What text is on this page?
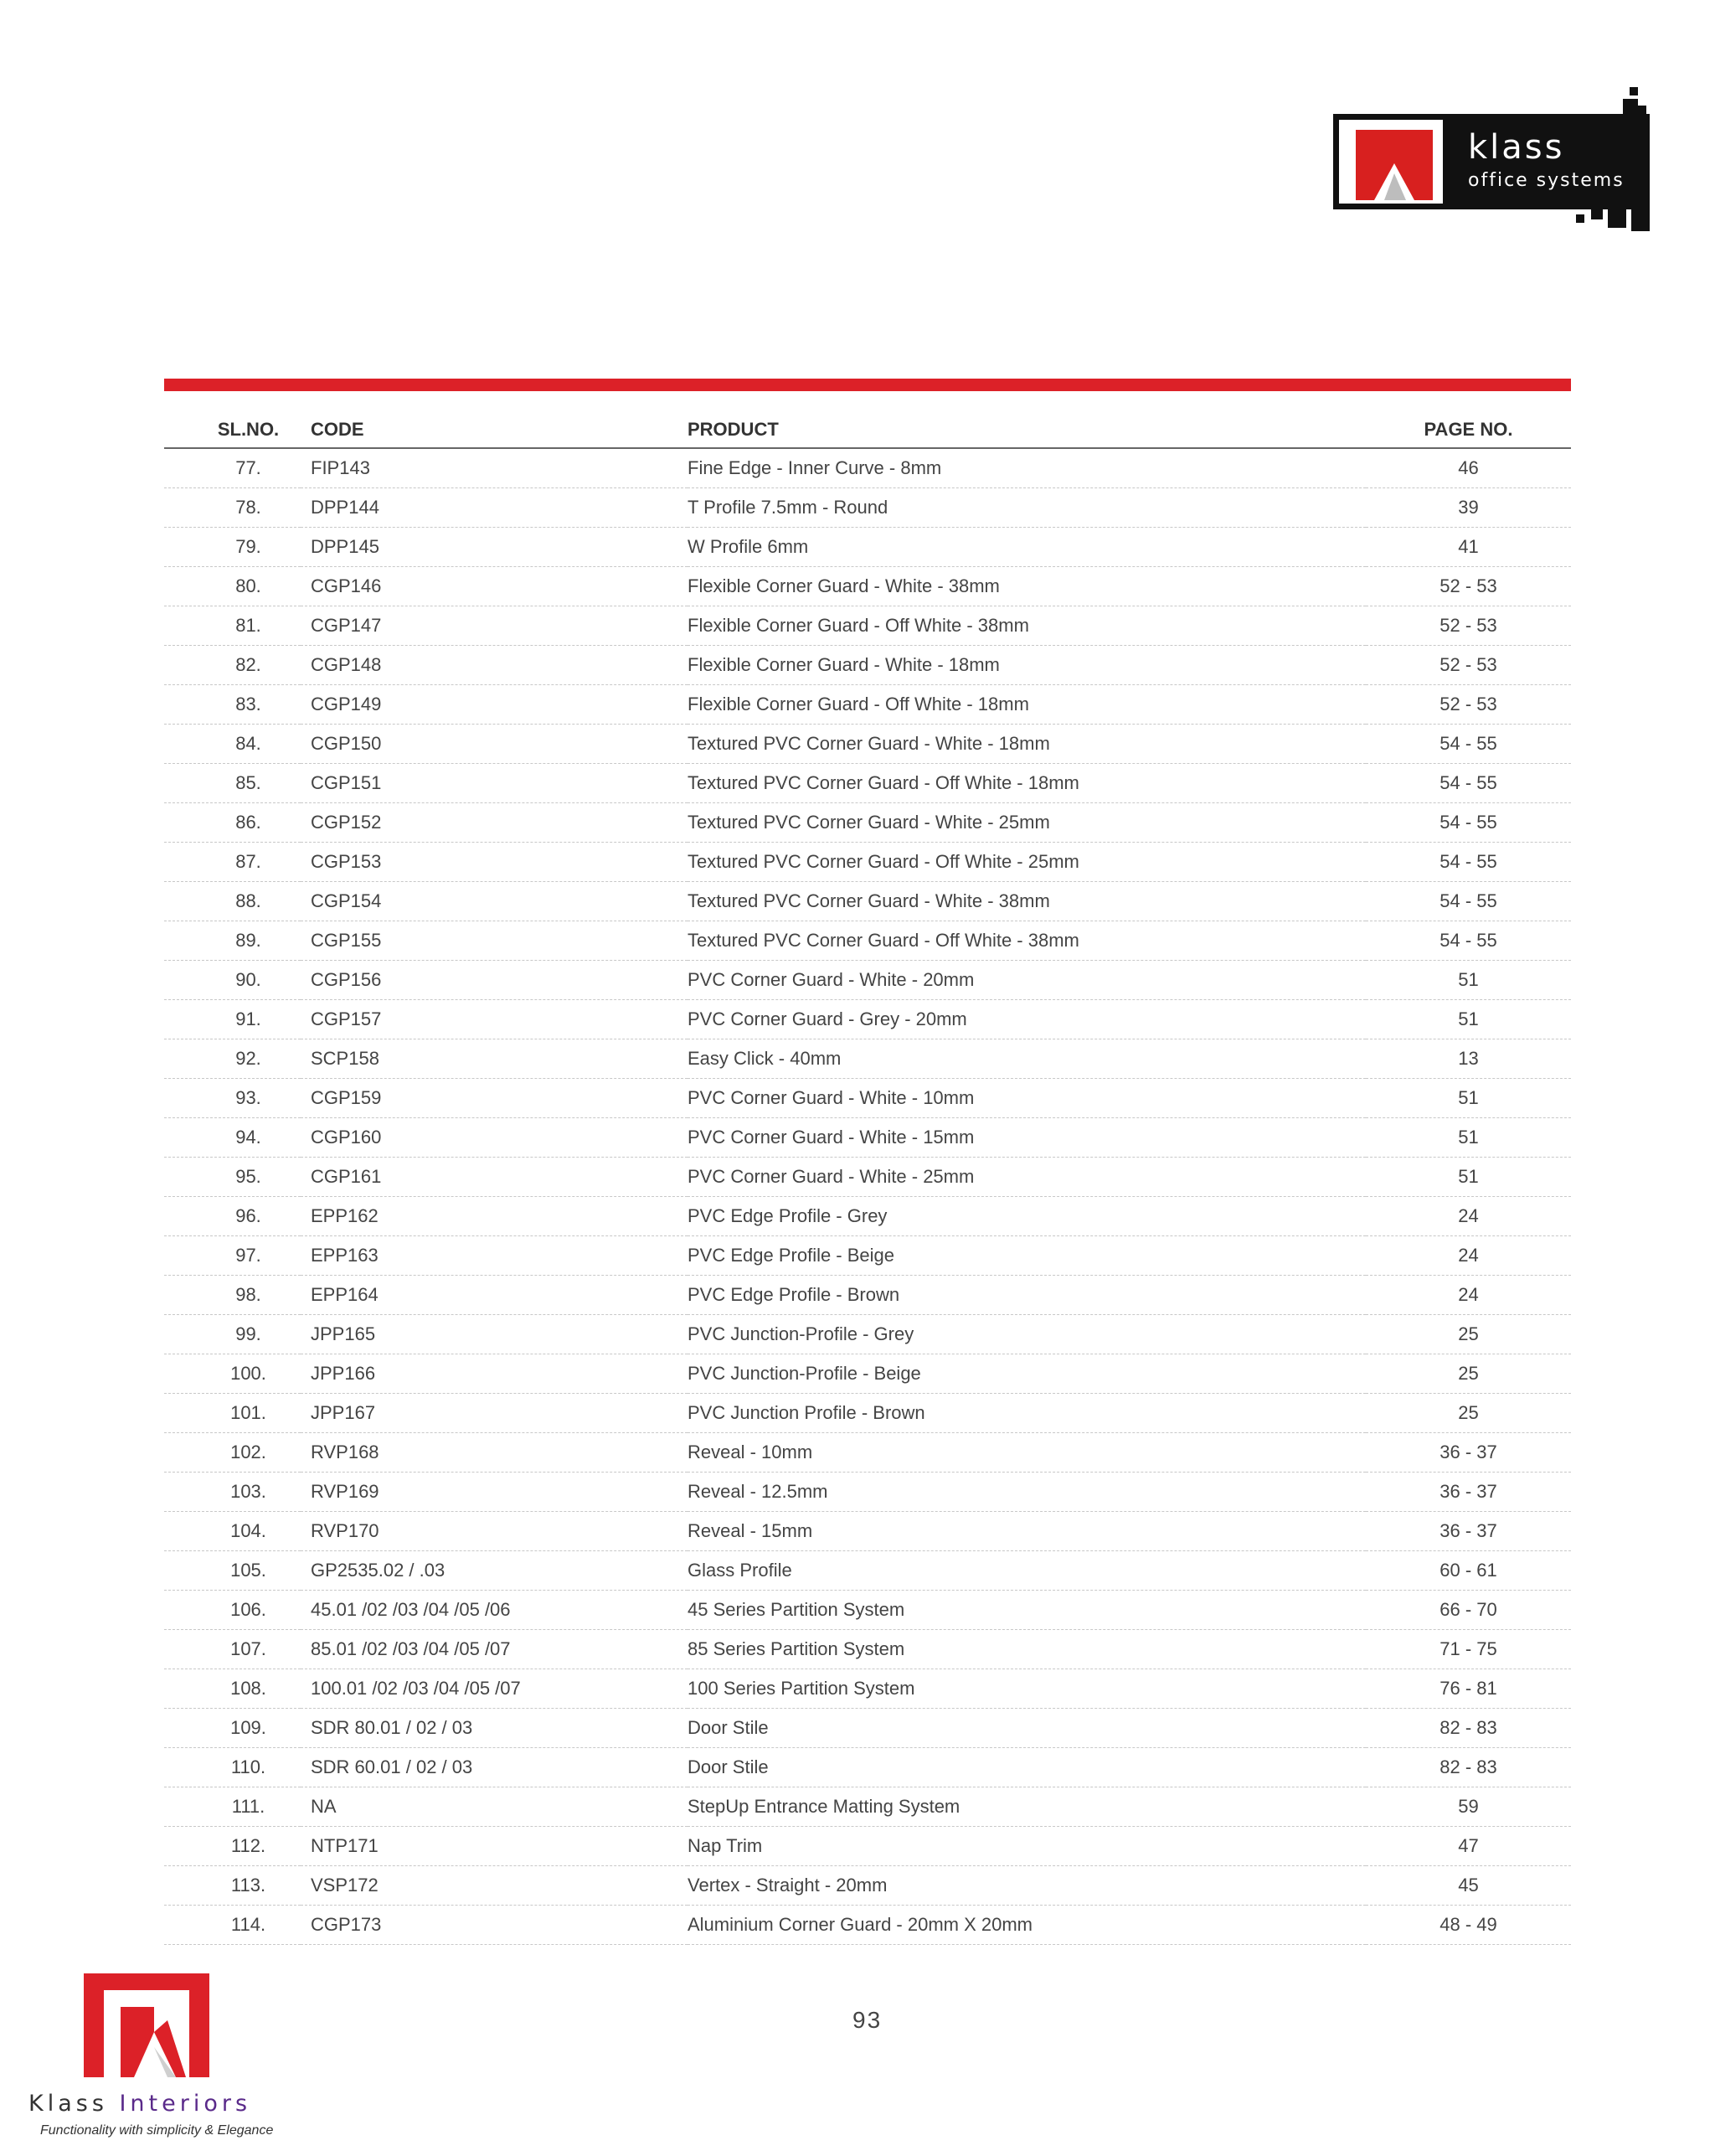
klass
office systems
SL.NO.	CODE	PRODUCT	PAGE NO.
77.	FIP143	Fine Edge - Inner Curve - 8mm	46
78.	DPP144	T Profile 7.5mm - Round	39
79.	DPP145	W Profile 6mm	41
80.	CGP146	Flexible Corner Guard - White - 38mm	52 - 53
81.	CGP147	Flexible Corner Guard - Off White - 38mm	52 - 53
82.	CGP148	Flexible Corner Guard - White - 18mm	52 - 53
83.	CGP149	Flexible Corner Guard - Off White - 18mm	52 - 53
84.	CGP150	Textured PVC Corner Guard - White - 18mm	54 - 55
85.	CGP151	Textured PVC Corner Guard - Off White - 18mm	54 - 55
86.	CGP152	Textured PVC Corner Guard - White - 25mm	54 - 55
87.	CGP153	Textured PVC Corner Guard - Off White - 25mm	54 - 55
88.	CGP154	Textured PVC Corner Guard - White - 38mm	54 - 55
89.	CGP155	Textured PVC Corner Guard - Off White - 38mm	54 - 55
90.	CGP156	PVC Corner Guard - White - 20mm	51
91.	CGP157	PVC Corner Guard - Grey - 20mm	51
92.	SCP158	Easy Click - 40mm	13
93.	CGP159	PVC Corner Guard - White - 10mm	51
94.	CGP160	PVC Corner Guard - White - 15mm	51
95.	CGP161	PVC Corner Guard - White - 25mm	51
96.	EPP162	PVC Edge Profile - Grey	24
97.	EPP163	PVC Edge Profile - Beige	24
98.	EPP164	PVC Edge Profile - Brown	24
99.	JPP165	PVC Junction-Profile - Grey	25
100.	JPP166	PVC Junction-Profile - Beige	25
101.	JPP167	PVC Junction Profile - Brown	25
102.	RVP168	Reveal - 10mm	36 - 37
103.	RVP169	Reveal - 12.5mm	36 - 37
104.	RVP170	Reveal - 15mm	36 - 37
105.	GP2535.02 / .03	Glass Profile	60 - 61
106.	45.01 /02 /03 /04 /05 /06	45 Series Partition System	66 - 70
107.	85.01 /02 /03 /04 /05 /07	85 Series Partition System	71 - 75
108.	100.01 /02 /03 /04 /05 /07	100 Series Partition System	76 - 81
109.	SDR 80.01 / 02 / 03	Door Stile	82 - 83
110.	SDR 60.01 / 02 / 03	Door Stile	82 - 83
111.	NA	StepUp Entrance Matting System	59
112.	NTP171	Nap Trim	47
113.	VSP172	Vertex - Straight - 20mm	45
114.	CGP173	Aluminium Corner Guard - 20mm X 20mm	48 - 49
93
Klass Interiors
Functionality with simplicity & Elegance
